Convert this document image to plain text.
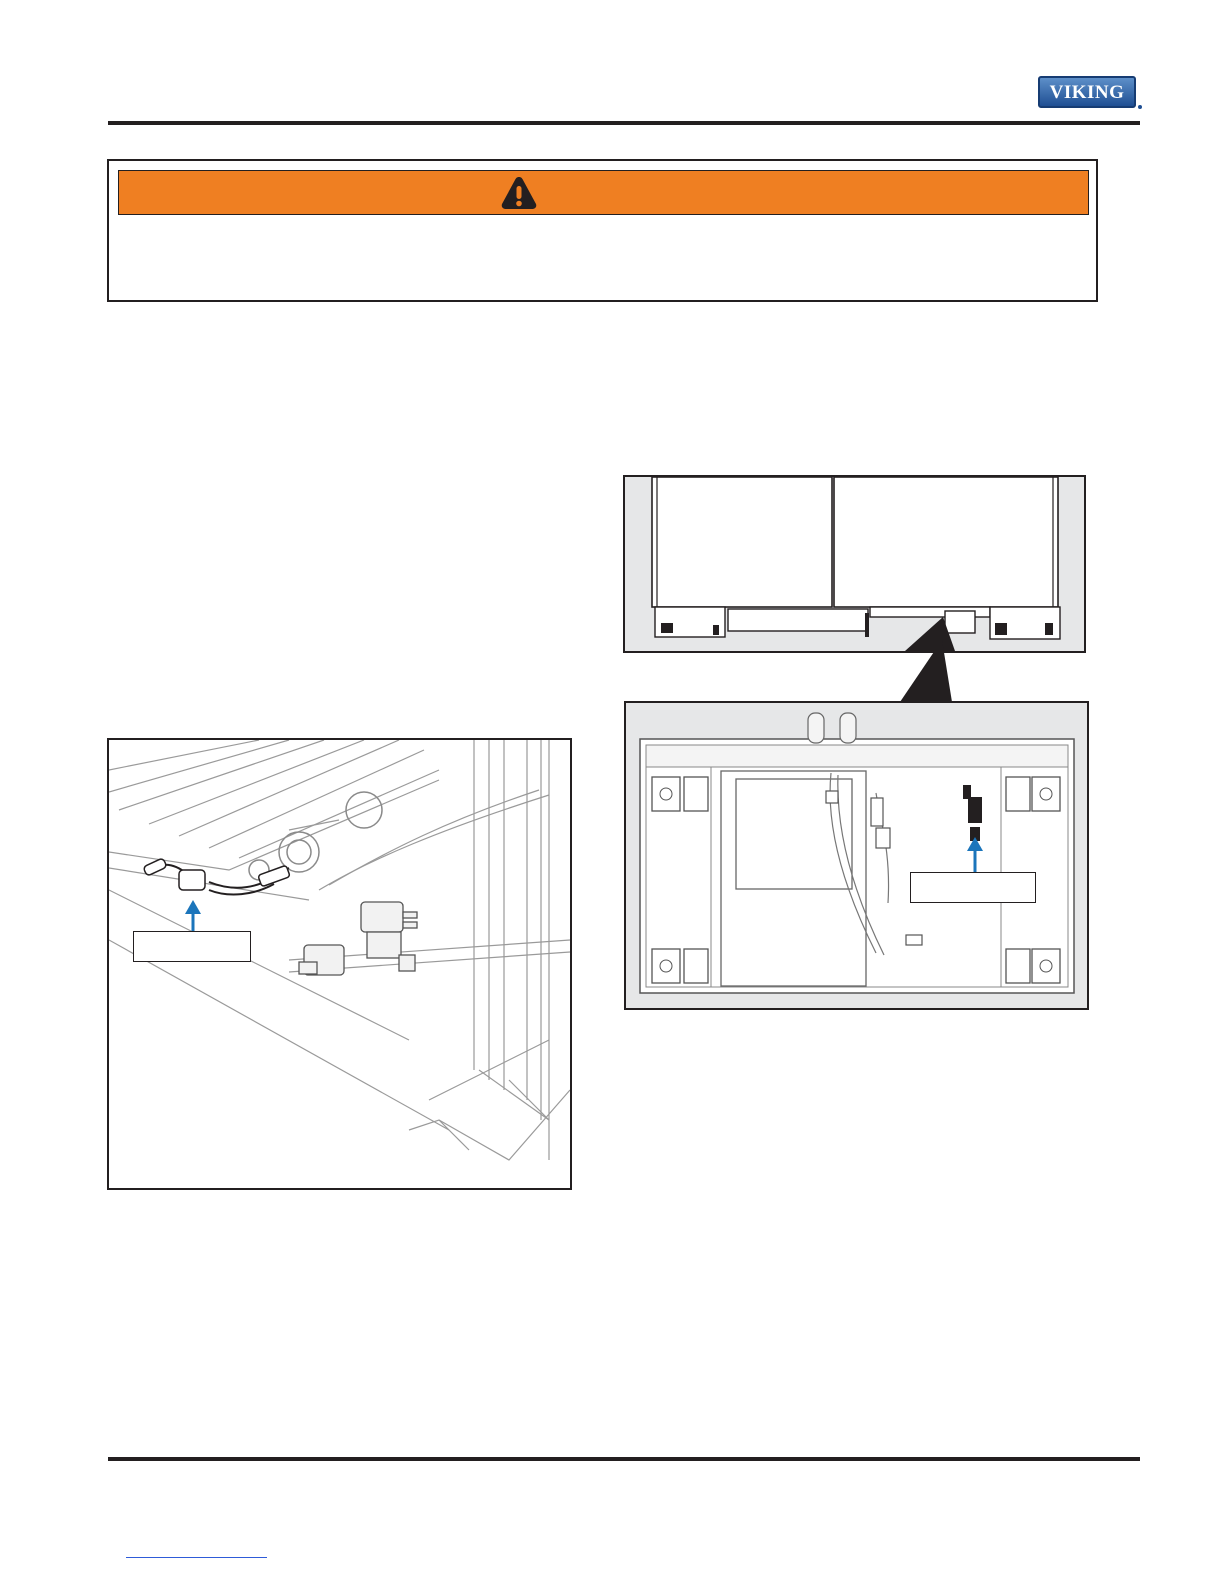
VIKING
